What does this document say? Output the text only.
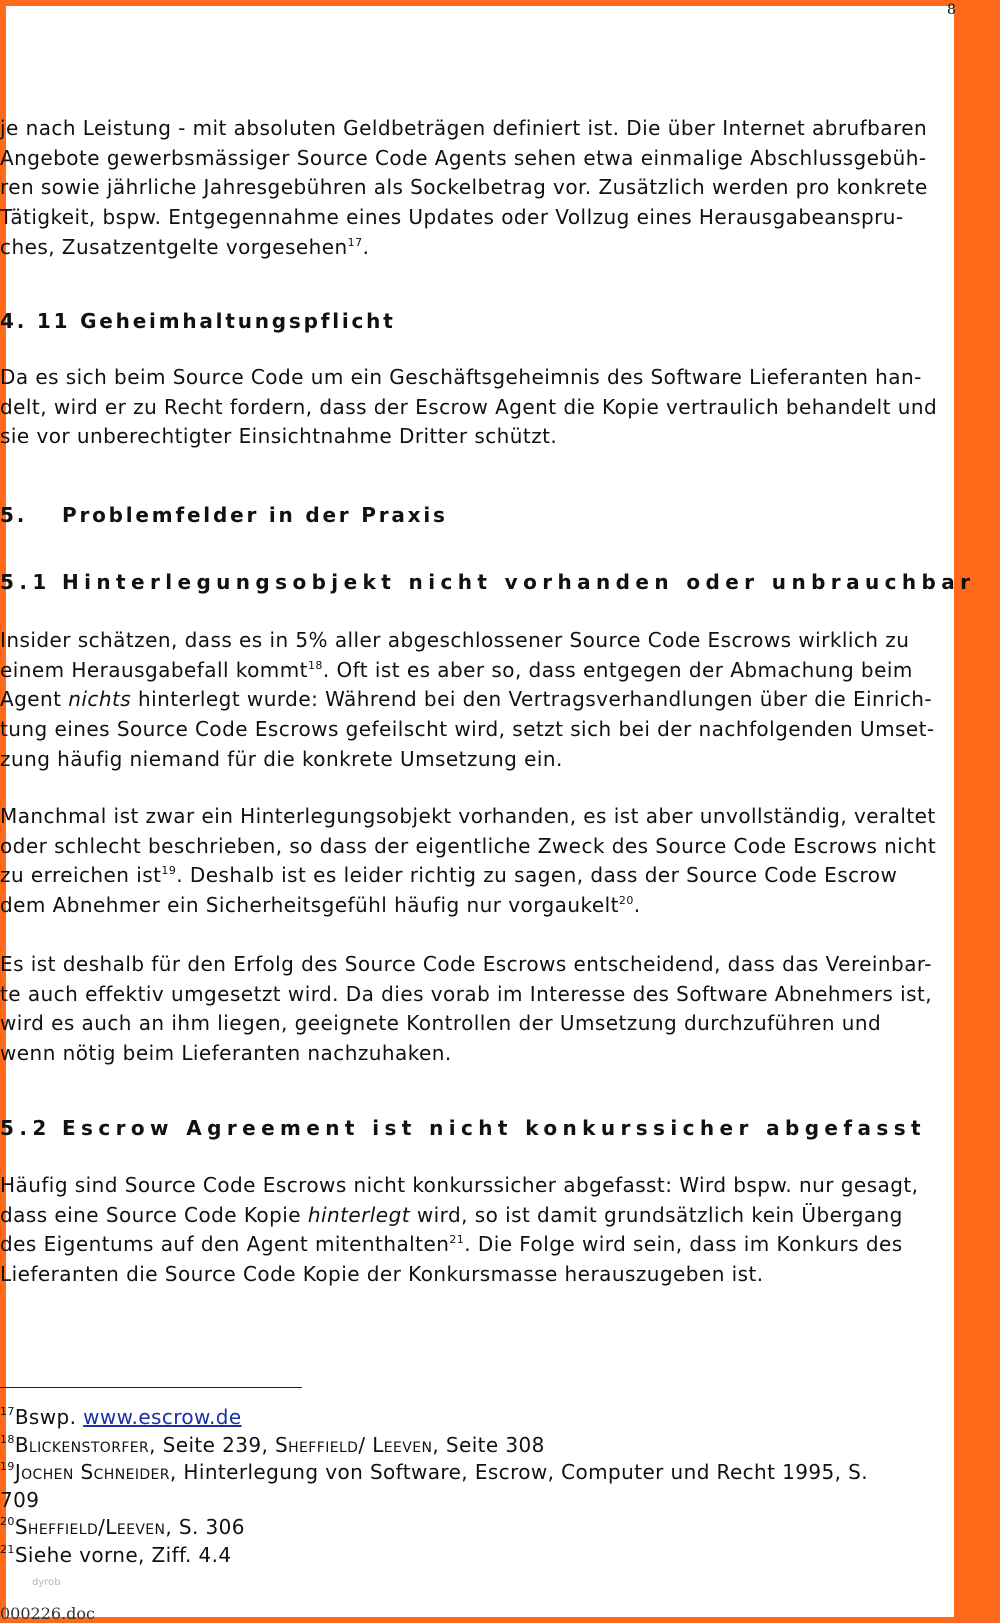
8
je nach Leistung - mit absoluten Geldbeträgen definiert ist. Die über Internet abrufbaren
Angebote gewerbsmässiger Source Code Agents sehen etwa einmalige Abschlussgebüh-
ren sowie jährliche Jahresgebühren als Sockelbetrag vor. Zusätzlich werden pro konkrete
Tätigkeit, bspw. Entgegennahme eines Updates oder Vollzug eines Herausgabeanspru-
ches, Zusatzentgelte vorgesehen$^{17}$.
4. 11 Geheimhaltungspflicht
Da es sich beim Source Code um ein Geschäftsgeheimnis des Software Lieferanten han-
delt, wird er zu Recht fordern, dass der Escrow Agent die Kopie vertraulich behandelt und
sie vor unberechtigter Einsichtnahme Dritter schützt.
5. Problemfelder in der Praxis
5.1 Hinterlegungsobjekt nicht vorhanden oder unbrauchbar
Insider schätzen, dass es in 5% aller abgeschlossener Source Code Escrows wirklich zu
einem Herausgabefall kommt$^{18}$. Oft ist es aber so, dass entgegen der Abmachung beim
Agent nichts hinterlegt wurde: Während bei den Vertragsverhandlungen über die Einrich-
tung eines Source Code Escrows gefeilscht wird, setzt sich bei der nachfolgenden Umset-
zung häufig niemand für die konkrete Umsetzung ein.
Manchmal ist zwar ein Hinterlegungsobjekt vorhanden, es ist aber unvollständig, veraltet
oder schlecht beschrieben, so dass der eigentliche Zweck des Source Code Escrows nicht
zu erreichen ist$^{19}$. Deshalb ist es leider richtig zu sagen, dass der Source Code Escrow
dem Abnehmer ein Sicherheitsgefühl häufig nur vorgaukelt$^{20}$.
Es ist deshalb für den Erfolg des Source Code Escrows entscheidend, dass das Vereinbar-
te auch effektiv umgesetzt wird. Da dies vorab im Interesse des Software Abnehmers ist,
wird es auch an ihm liegen, geeignete Kontrollen der Umsetzung durchzuführen und
wenn nötig beim Lieferanten nachzuhaken.
5.2 Escrow Agreement ist nicht konkurssicher abgefasst
Häufig sind Source Code Escrows nicht konkurssicher abgefasst: Wird bspw. nur gesagt,
dass eine Source Code Kopie hinterlegt wird, so ist damit grundsätzlich kein Übergang
des Eigentums auf den Agent mitenthalten$^{21}$. Die Folge wird sein, dass im Konkurs des
Lieferanten die Source Code Kopie der Konkursmasse herauszugeben ist.
$^{17}$Bswp. www.escrow.de
$^{18}$Blickenstorfer, Seite 239, Sheffield/ Leeven, Seite 308
$^{19}$Jochen Schneider, Hinterlegung von Software, Escrow, Computer und Recht 1995, S.
709
$^{20}$Sheffield/Leeven, S. 306
$^{21}$Siehe vorne, Ziff. 4.4
dyrob
000226.doc
